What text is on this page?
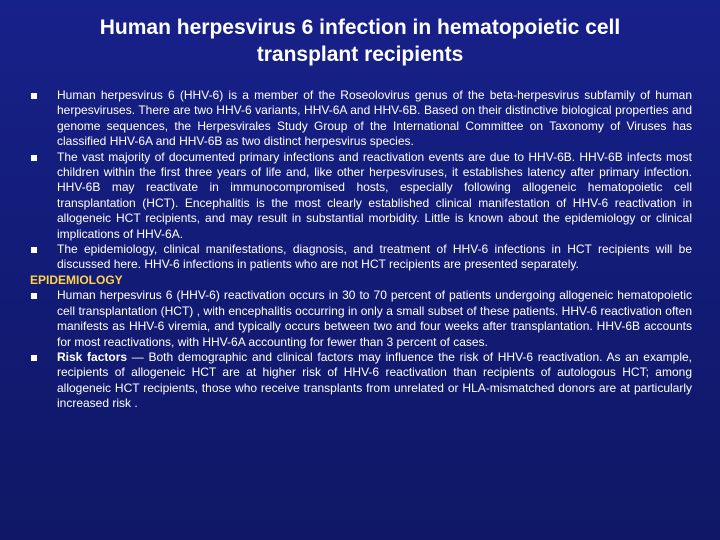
Human herpesvirus 6 infection in hematopoietic cell
transplant recipients

Human herpesvirus 6 (HHV-6) is a member of the Roseolovirus genus of the beta-herpesvirus subfamily of human herpesviruses. There are two HHV-6 variants, HHV-6A and HHV-6B. Based on their distinctive biological properties and genome sequences, the Herpesvirales Study Group of the International Committee on Taxonomy of Viruses has classified HHV-6A and HHV-6B as two distinct herpesvirus species.

The vast majority of documented primary infections and reactivation events are due to HHV-6B. HHV-6B infects most children within the first three years of life and, like other herpesviruses, it establishes latency after primary infection. HHV-6B may reactivate in immunocompromised hosts, especially following allogeneic hematopoietic cell transplantation (HCT). Encephalitis is the most clearly established clinical manifestation of HHV-6 reactivation in allogeneic HCT recipients, and may result in substantial morbidity. Little is known about the epidemiology or clinical implications of HHV-6A.

The epidemiology, clinical manifestations, diagnosis, and treatment of HHV-6 infections in HCT recipients will be discussed here. HHV-6 infections in patients who are not HCT recipients are presented separately.

EPIDEMIOLOGY

Human herpesvirus 6 (HHV-6) reactivation occurs in 30 to 70 percent of patients undergoing allogeneic hematopoietic cell transplantation (HCT) , with encephalitis occurring in only a small subset of these patients. HHV-6 reactivation often manifests as HHV-6 viremia, and typically occurs between two and four weeks after transplantation. HHV-6B accounts for most reactivations, with HHV-6A accounting for fewer than 3 percent of cases.

Risk factors — Both demographic and clinical factors may influence the risk of HHV-6 reactivation. As an example, recipients of allogeneic HCT are at higher risk of HHV-6 reactivation than recipients of autologous HCT; among allogeneic HCT recipients, those who receive transplants from unrelated or HLA-mismatched donors are at particularly increased risk .
